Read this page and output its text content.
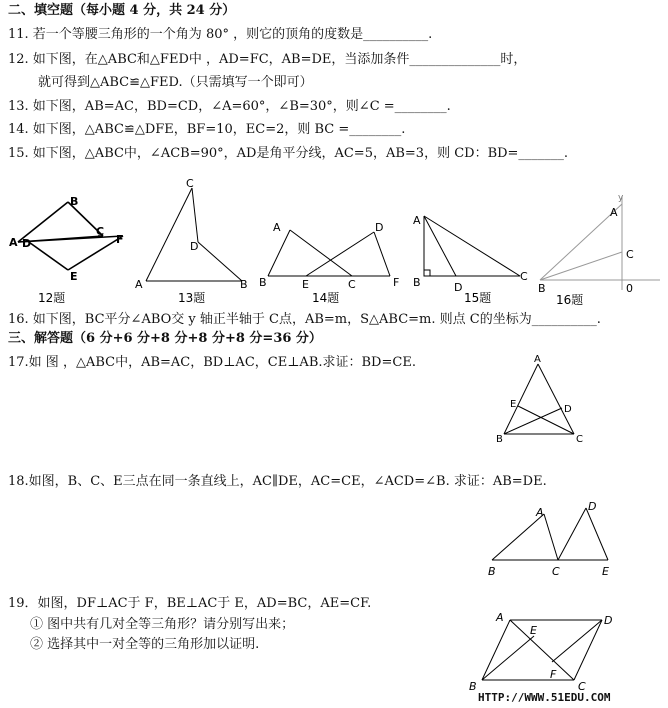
二、填空题（每小题 4 分，共 24 分）
11. 若一个等腰三角形的一个角为 80° ，则它的顶角的度数是__________.
12. 如下图，在△ABC和△FED中 ，AD=FC，AB=DE，当添加条件______________时，
就可得到△ABC≌△FED.（只需填写一个即可）
13. 如下图，AB=AC，BD=CD，∠A=60°，∠B=30°，则∠C =________.
14. 如下图，△ABC≌△DFE，BF=10，EC=2，则 BC =________.
15. 如下图，△ABC中，∠ACB=90°，AD是角平分线，AC=5，AB=3，则 CD：BD=_______.
A D
B
C
F
E
12题
A	B
C
D
13题
A
B	E	C
D
F
14题
A
B	D
C
15题
y
A
C
B	0
16题
16. 如下图，BC平分∠ABO交 y 轴正半轴于 C点，AB=m，S△ABC=m. 则点 C的坐标为__________.
三、解答题（6 分+6 分+8 分+8 分+8 分=36 分）
17.如 图 ，△ABC中，AB=AC，BD⊥AC，CE⊥AB.求证：BD=CE.	A
E	D
B	C
18.如图，B、C、E三点在同一条直线上，AC∥DE，AC=CE，∠ACD=∠B. 求证：AB=DE.
A	D
B	C	E
19．如图，DF⊥AC于 F，BE⊥AC于 E，AD=BC，AE=CF.
① 图中共有几对全等三角形？请分别写出来；
② 选择其中一对全等的三角形加以证明.
A
E
D
F
B	C
HTTP://WWW.51EDU.COM
